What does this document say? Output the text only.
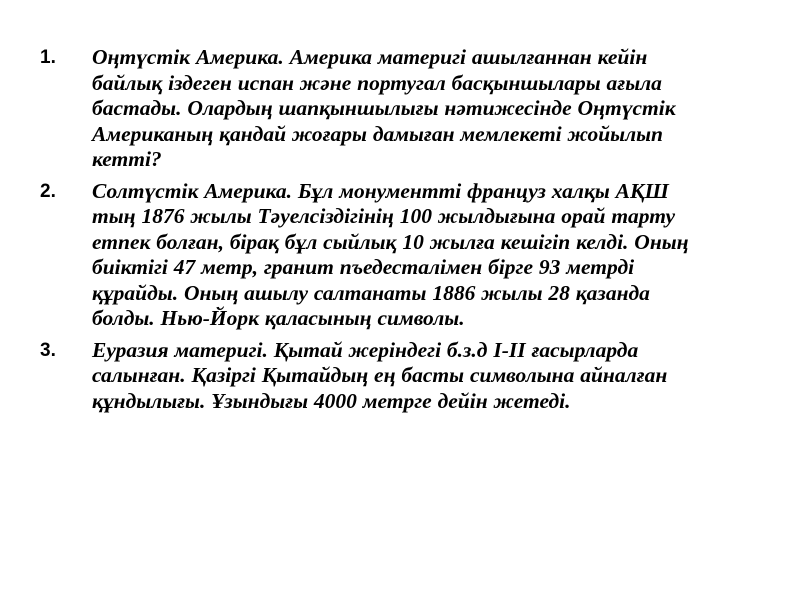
1. Оңтүстік Америка. Америка материгі ашылғаннан кейін байлық іздеген испан және португал басқыншылары ағыла бастады. Олардың шапқыншылығы нәтижесінде Оңтүстік Американың қандай жоғары дамыған мемлекеті жойылып кетті?
2. Солтүстік Америка. Бұл монументті француз халқы АҚШ тың 1876 жылы Тәуелсіздігінің 100 жылдығына орай тарту етпек болған, бірақ бұл сыйлық 10 жылға кешігіп келді. Оның биіктігі 47 метр, гранит пъедесталімен бірге 93 метрді құрайды. Оның ашылу салтанаты 1886 жылы 28 қазанда болды. Нью-Йорк қаласының символы.
3. Еуразия материгі. Қытай жеріндегі б.з.д I-II ғасырларда салынған. Қазіргі Қытайдың ең басты символына айналған құндылығы. Ұзындығы 4000 метрге дейін жетеді.
